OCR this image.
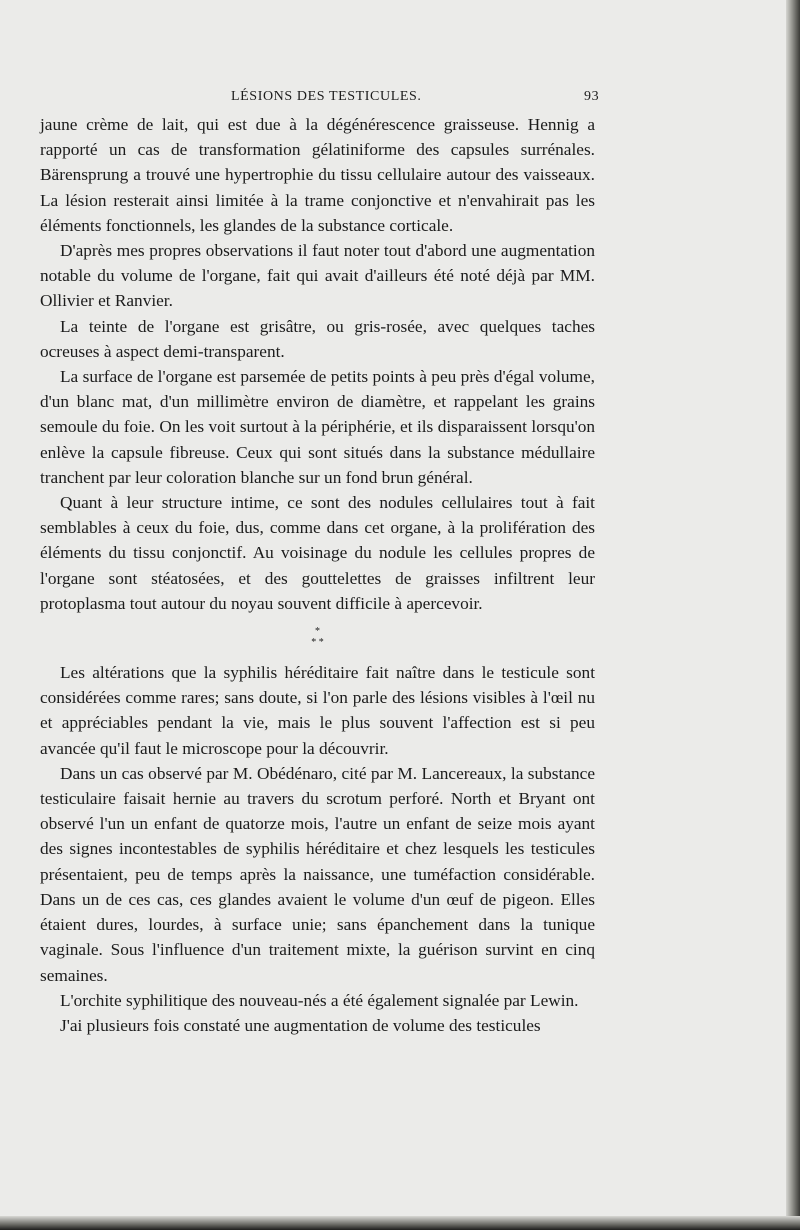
LÉSIONS DES TESTICULES.	93

jaune crème de lait, qui est due à la dégénérescence graisseuse. Hennig a rapporté un cas de transformation gélatiniforme des capsules surrénales. Bärensprung a trouvé une hypertrophie du tissu cellulaire autour des vaisseaux. La lésion resterait ainsi limitée à la trame conjonctive et n'envahirait pas les éléments fonctionnels, les glandes de la substance corticale.

D'après mes propres observations il faut noter tout d'abord une augmentation notable du volume de l'organe, fait qui avait d'ailleurs été noté déjà par MM. Ollivier et Ranvier.

La teinte de l'organe est grisâtre, ou gris-rosée, avec quelques taches ocreuses à aspect demi-transparent.

La surface de l'organe est parsemée de petits points à peu près d'égal volume, d'un blanc mat, d'un millimètre environ de diamètre, et rappelant les grains semoule du foie. On les voit surtout à la périphérie, et ils disparaissent lorsqu'on enlève la capsule fibreuse. Ceux qui sont situés dans la substance médullaire tranchent par leur coloration blanche sur un fond brun général.

Quant à leur structure intime, ce sont des nodules cellulaires tout à fait semblables à ceux du foie, dus, comme dans cet organe, à la prolifération des éléments du tissu conjonctif. Au voisinage du nodule les cellules propres de l'organe sont stéatosées, et des gouttelettes de graisses infiltrent leur protoplasma tout autour du noyau souvent difficile à apercevoir.

*
* *

Les altérations que la syphilis héréditaire fait naître dans le testicule sont considérées comme rares; sans doute, si l'on parle des lésions visibles à l'œil nu et appréciables pendant la vie, mais le plus souvent l'affection est si peu avancée qu'il faut le microscope pour la découvrir.

Dans un cas observé par M. Obédénaro, cité par M. Lancereaux, la substance testiculaire faisait hernie au travers du scrotum perforé. North et Bryant ont observé l'un un enfant de quatorze mois, l'autre un enfant de seize mois ayant des signes incontestables de syphilis héréditaire et chez lesquels les testicules présentaient, peu de temps après la naissance, une tuméfaction considérable. Dans un de ces cas, ces glandes avaient le volume d'un œuf de pigeon. Elles étaient dures, lourdes, à surface unie; sans épanchement dans la tunique vaginale. Sous l'influence d'un traitement mixte, la guérison survint en cinq semaines.

L'orchite syphilitique des nouveau-nés a été également signalée par Lewin.

J'ai plusieurs fois constaté une augmentation de volume des testicules
